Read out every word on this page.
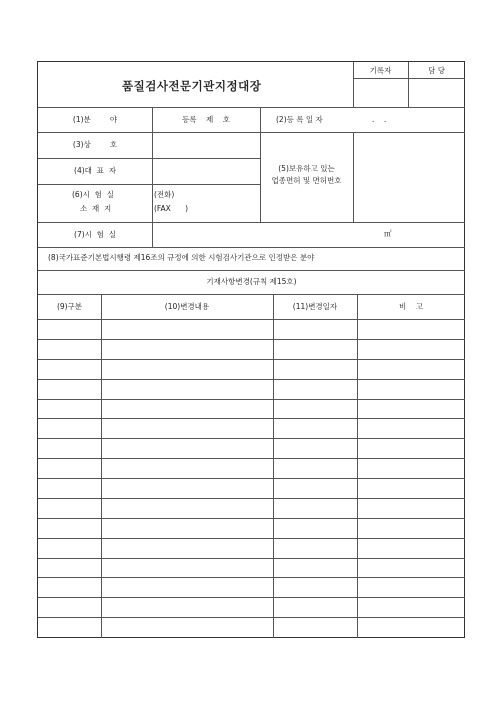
품질검사전문기관지정대장
기록자	담 당
(1)분        야	등록    제    호	(2)등 록 일 자	.    .
(3)상        호
(4)대  표  자	(5)보유하고 있는
업종면허 및 면허번호
(6)시  험  실
소  재  지
(전화)
(FAX      )
(7)시  험  실	㎡
(8)국가표준기본법시행령 제16조의 규정에 의한 시험검사기관으로 인정받은 분야
기재사항변경(규칙 제15호)
(9)구분	(10)변경내용	(11)변경일자	비    고
